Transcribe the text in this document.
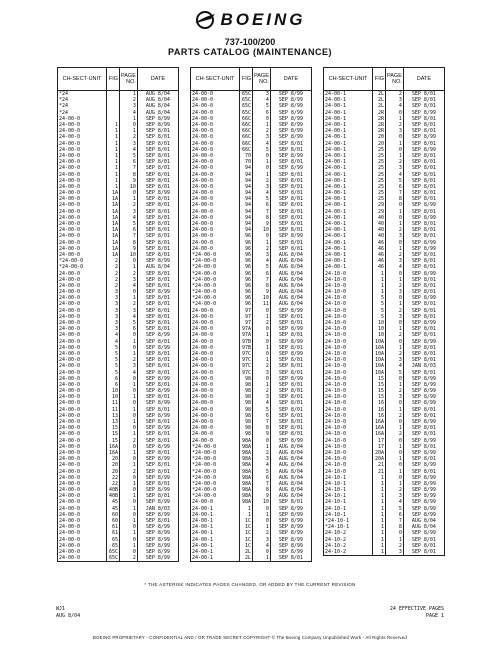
BOEING
737-100/200
PARTS CATALOG (MAINTENANCE)
CH-SECT-UNIT	FIG	PAGE NO.	DATE
*24		1	AUG 8/04
*24		2	AUG 8/04
*24		3	AUG 8/04
*24		4	AUG 8/04
24-00-0		1	SEP 8/99
24-00-0	1	0	SEP 8/99
24-00-0	1	1	SEP 8/01
24-00-0	1	2	SEP 8/01
24-00-0	1	3	SEP 8/01
24-00-0	1	4	SEP 8/01
24-00-0	1	5	SEP 8/01
24-00-0	1	6	SEP 8/01
24-00-0	1	7	SEP 8/01
24-00-0	1	8	SEP 8/01
24-00-0	1	9	SEP 8/01
24-00-0	1	10	SEP 8/01
24-00-0	1A	0	SEP 8/99
24-00-0	1A	1	SEP 8/01
24-00-0	1A	2	SEP 8/01
24-00-0	1A	3	SEP 8/01
24-00-0	1A	4	SEP 8/01
24-00-0	1A	5	SEP 8/01
24-00-0	1A	6	SEP 8/01
24-00-0	1A	7	SEP 8/01
24-00-0	1A	8	SEP 8/01
24-00-0	1A	9	SEP 8/01
24-00-0	1A	10	SEP 8/01
*24-00-0	2	0	SEP 8/99
*24-00-0	2	1	AUG 8/04
24-00-0	2	2	SEP 8/01
24-00-0	2	3	SEP 8/01
24-00-0	2	4	SEP 8/01
24-00-0	3	0	SEP 8/99
24-00-0	3	1	SEP 8/01
24-00-0	3	2	SEP 8/01
24-00-0	3	3	SEP 8/01
24-00-0	3	4	SEP 8/01
24-00-0	3	5	SEP 8/01
24-00-0	3	6	SEP 8/01
24-00-0	4	0	SEP 8/99
24-00-0	4	1	SEP 8/01
24-00-0	5	0	SEP 8/99
24-00-0	5	1	SEP 8/01
24-00-0	5	2	SEP 8/01
24-00-0	5	3	SEP 8/01
24-00-0	5	4	SEP 8/01
24-00-0	6	0	SEP 8/99
24-00-0	6	1	SEP 8/01
24-00-0	10	0	SEP 8/99
24-00-0	10	1	SEP 8/01
24-00-0	11	0	SEP 8/99
24-00-0	11	1	SEP 8/01
24-00-0	13	0	SEP 8/99
24-00-0	13	1	SEP 8/01
24-00-0	15	0	SEP 8/99
24-00-0	15	1	SEP 8/01
24-00-0	15	2	SEP 8/01
24-00-0	16A	0	SEP 8/99
24-00-0	16A	1	SEP 8/01
24-00-0	20	0	SEP 8/99
24-00-0	20	1	SEP 8/01
24-00-0	20	2	SEP 8/01
24-00-0	22	0	SEP 8/99
24-00-0	22	1	SEP 8/01
24-00-0	40B	0	SEP 8/99
24-00-0	40B	1	SEP 8/01
24-00-0	45	0	SEP 8/99
24-00-0	45	1	JAN 8/03
24-00-0	60	0	SEP 8/99
24-00-0	60	1	SEP 8/01
24-00-0	61	0	SEP 8/99
24-00-0	61	1	SEP 8/99
24-00-0	65	0	SEP 8/99
24-00-0	65	1	SEP 8/99
24-00-0	65C	0	SEP 8/99
24-00-0	65C	2	SEP 8/99
CH-SECT-UNIT	FIG	PAGE NO.	DATE
24-00-0	65C	3	SEP 8/99
24-00-0	65C	4	SEP 8/99
24-00-0	65C	5	SEP 8/99
24-00-0	65C	6	SEP 8/99
24-00-0	66C	0	SEP 8/99
24-00-0	66C	1	SEP 8/99
24-00-0	66C	2	SEP 8/99
24-00-0	66C	3	SEP 8/99
24-00-0	66C	4	SEP 8/01
24-00-0	66C	5	SEP 8/01
24-00-0	70	0	SEP 8/99
24-00-0	70	1	SEP 8/01
24-00-0	94	0	SEP 8/99
24-00-0	94	1	SEP 8/01
24-00-0	94	2	SEP 8/01
24-00-0	94	3	SEP 8/01
24-00-0	94	4	SEP 8/01
24-00-0	94	5	SEP 8/01
24-00-0	94	6	SEP 8/01
24-00-0	94	7	SEP 8/01
24-00-0	94	8	SEP 8/01
24-00-0	94	9	SEP 8/01
24-00-0	94	10	SEP 8/01
24-00-0	96	0	SEP 8/99
24-00-0	96	1	SEP 8/01
24-00-0	96	2	SEP 8/01
*24-00-0	96	3	AUG 8/04
*24-00-0	96	4	AUG 8/04
*24-00-0	96	5	AUG 8/04
*24-00-0	96	6	AUG 8/04
*24-00-0	96	7	AUG 8/04
*24-00-0	96	8	AUG 8/04
*24-00-0	96	9	AUG 8/04
*24-00-0	96	10	AUG 8/04
*24-00-0	96	11	AUG 8/04
24-00-0	97	0	SEP 8/99
24-00-0	97	1	SEP 8/01
24-00-0	97	2	SEP 8/01
24-00-0	97A	0	SEP 8/99
24-00-0	97A	1	SEP 8/01
24-00-0	97B	0	SEP 8/99
24-00-0	97B	1	SEP 8/01
24-00-0	97C	0	SEP 8/99
24-00-0	97C	1	SEP 8/01
24-00-0	97C	2	SEP 8/01
24-00-0	97C	3	SEP 8/01
24-00-0	98	0	SEP 8/99
24-00-0	98	1	SEP 8/01
24-00-0	98	2	SEP 8/01
24-00-0	98	3	SEP 8/01
24-00-0	98	4	SEP 8/01
24-00-0	98	5	SEP 8/01
24-00-0	98	6	SEP 8/01
24-00-0	98	7	SEP 8/01
24-00-0	98	8	SEP 8/01
24-00-0	98	9	SEP 8/01
24-00-0	98A	0	SEP 8/99
*24-00-0	98A	1	AUG 8/04
*24-00-0	98A	2	AUG 8/04
*24-00-0	98A	3	AUG 8/04
*24-00-0	98A	4	AUG 8/04
*24-00-0	98A	5	AUG 8/04
*24-00-0	98A	6	AUG 8/04
*24-00-0	98A	7	AUG 8/04
*24-00-0	98A	8	AUG 8/04
*24-00-0	98A	9	AUG 8/04
24-00-0	98A	10	SEP 8/01
24-00-1	1	0	SEP 8/99
24-00-1	1	1	SEP 8/99
24-00-1	1C	0	SEP 8/99
24-00-1	1C	1	SEP 8/99
24-00-1	1C	2	SEP 8/99
24-00-1	1C	3	SEP 8/99
24-00-1	1C	4	SEP 8/99
24-00-1	2L	0	SEP 8/99
24-00-1	2L	1	SEP 8/01
CH-SECT-UNIT	FIG	PAGE NO.	DATE
24-00-1	2L	2	SEP 8/01
24-00-1	2L	3	SEP 8/01
24-00-1	2L	4	SEP 8/01
24-00-1	2R	0	SEP 8/99
24-00-1	2R	1	SEP 8/01
24-00-1	2R	2	SEP 8/01
24-00-1	2R	3	SEP 8/01
24-00-1	20	0	SEP 8/99
24-00-1	20	1	SEP 8/01
24-00-1	25	0	SEP 8/99
24-00-1	25	1	SEP 8/01
24-00-1	25	2	SEP 8/01
24-00-1	25	3	SEP 8/01
24-00-1	25	4	SEP 8/01
24-00-1	25	5	SEP 8/01
24-00-1	25	6	SEP 8/01
24-00-1	25	7	SEP 8/01
24-00-1	25	8	SEP 8/01
24-00-1	29	0	SEP 8/99
24-00-1	29	1	SEP 8/01
24-00-1	40	0	SEP 8/99
24-00-1	40	1	SEP 8/01
24-00-1	40	2	SEP 8/01
24-00-1	40	3	SEP 8/01
24-00-1	46	0	SEP 8/99
24-00-1	46	1	SEP 8/99
24-00-1	46	2	SEP 8/01
24-00-1	46	3	SEP 8/01
24-00-1	46	4	SEP 8/01
24-10-0	1	0	SEP 8/99
24-10-0	1	1	SEP 8/01
24-10-0	1	2	SEP 8/01
24-10-0	1	3	SEP 8/01
24-10-0	5	0	SEP 8/99
24-10-0	5	1	SEP 8/01
24-10-0	5	2	SEP 8/01
24-10-0	5	3	SEP 8/01
24-10-0	10	0	SEP 8/99
24-10-0	10	1	SEP 8/01
24-10-0	10	2	SEP 8/01
24-10-0	10A	0	SEP 8/99
24-10-0	10A	1	SEP 8/01
24-10-0	10A	2	SEP 8/01
24-10-0	10A	3	SEP 8/01
24-10-0	10A	4	JAN 8/03
24-10-0	10A	5	SEP 8/01
24-10-0	15	0	SEP 8/99
24-10-0	15	1	SEP 8/99
24-10-0	15	2	SEP 8/99
24-10-0	15	3	SEP 8/99
24-10-0	16	0	SEP 8/99
24-10-0	16	1	SEP 8/01
24-10-0	16	2	SEP 8/01
24-10-0	16A	0	SEP 8/99
24-10-0	16A	1	SEP 8/01
24-10-0	16A	2	SEP 8/01
24-10-0	17	0	SEP 8/99
24-10-0	17	1	SEP 8/01
24-10-0	20A	0	SEP 8/99
24-10-0	20A	1	SEP 8/01
24-10-0	21	0	SEP 8/99
24-10-0	21	1	SEP 8/01
24-10-1	1	0	SEP 8/99
24-10-1	1	1	SEP 8/99
24-10-1	1	2	SEP 8/99
24-10-1	1	3	SEP 8/99
24-10-1	1	4	SEP 8/99
24-10-1	1	5	SEP 8/99
24-10-1	1	6	SEP 8/99
*24-10-1	1	7	AUG 8/04
*24-10-1	1	8	AUG 8/04
24-10-2	1	0	SEP 8/99
24-10-2	1	1	SEP 8/01
24-10-2	1	2	SEP 8/01
24-10-2	1	3	SEP 8/01
* THE ASTERISK INDICATES PAGES CHANGED, OR ADDED BY THE CURRENT REVISION
WJ1
AUG 8/04
24 EFFECTIVE PAGES
PAGE 1
BOEING PROPRIETARY - CONFIDENTIAL AND / OR TRADE SECRET COPYRIGHT © The Boeing Company Unpublished Work - All Rights Reserved
